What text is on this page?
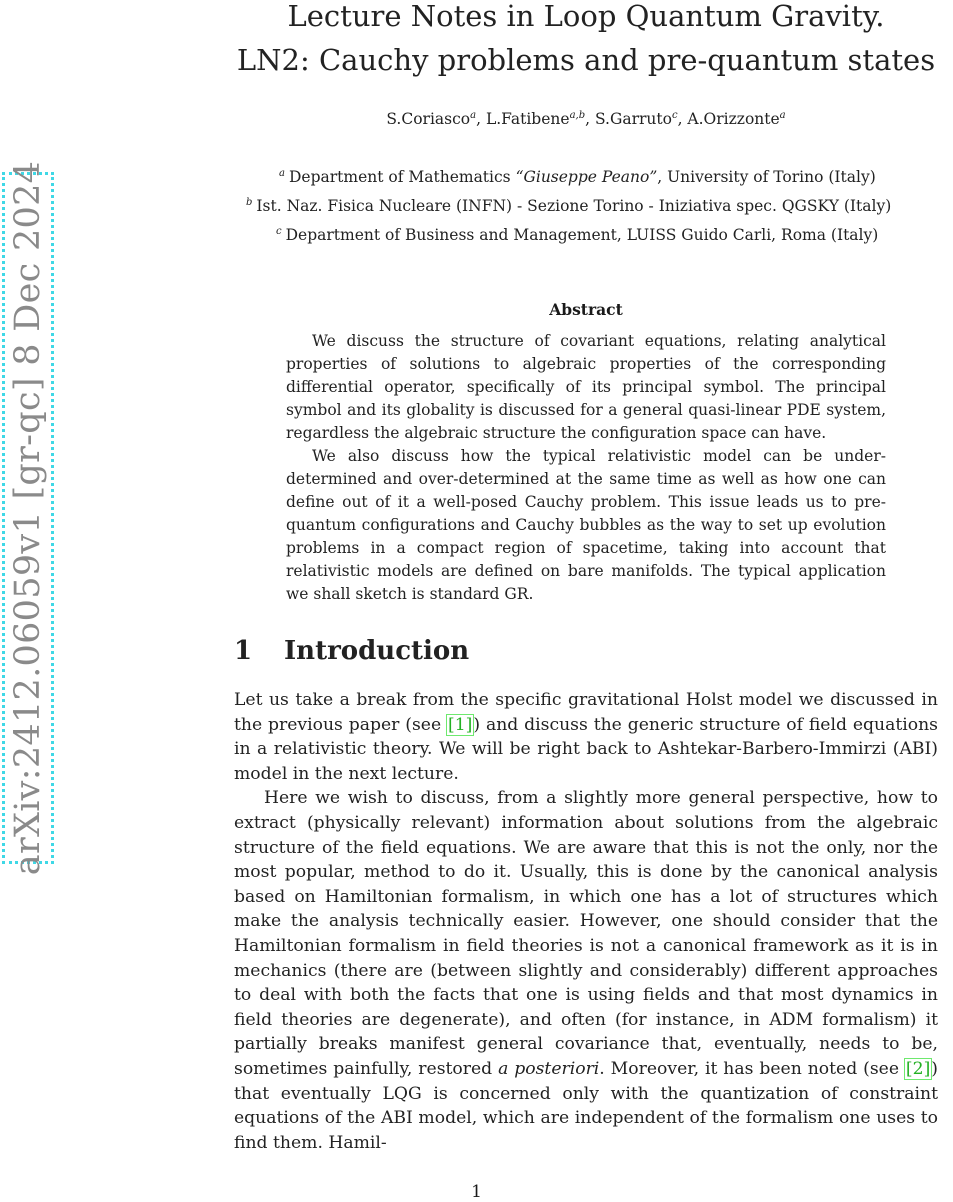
arXiv:2412.06059v1 [gr-qc] 8 Dec 2024
Lecture Notes in Loop Quantum Gravity.
LN2: Cauchy problems and pre-quantum states
S.Coriasco$^a$, L.Fatibene$^{a,b}$, S.Garruto$^c$, A.Orizzonte$^a$
$^a$ Department of Mathematics “Giuseppe Peano”, University of Torino (Italy)
$^b$ Ist. Naz. Fisica Nucleare (INFN) - Sezione Torino - Iniziativa spec. QGSKY (Italy)
$^c$ Department of Business and Management, LUISS Guido Carli, Roma (Italy)
Abstract

We discuss the structure of covariant equations, relating analytical properties of solutions to algebraic properties of the corresponding differential operator, specifically of its principal symbol. The principal symbol and its globality is discussed for a general quasi-linear PDE system, regardless the algebraic structure the configuration space can have.

We also discuss how the typical relativistic model can be under-determined and over-determined at the same time as well as how one can define out of it a well-posed Cauchy problem. This issue leads us to pre-quantum configurations and Cauchy bubbles as the way to set up evolution problems in a compact region of spacetime, taking into account that relativistic models are defined on bare manifolds. The typical application we shall sketch is standard GR.

1 Introduction

Let us take a break from the specific gravitational Holst model we discussed in the previous paper (see [1]) and discuss the generic structure of field equations in a relativistic theory. We will be right back to Ashtekar-Barbero-Immirzi (ABI) model in the next lecture.

Here we wish to discuss, from a slightly more general perspective, how to extract (physically relevant) information about solutions from the algebraic structure of the field equations. We are aware that this is not the only, nor the most popular, method to do it. Usually, this is done by the canonical analysis based on Hamiltonian formalism, in which one has a lot of structures which make the analysis technically easier. However, one should consider that the Hamiltonian formalism in field theories is not a canonical framework as it is in mechanics (there are (between slightly and considerably) different approaches to deal with both the facts that one is using fields and that most dynamics in field theories are degenerate), and often (for instance, in ADM formalism) it partially breaks manifest general covariance that, eventually, needs to be, sometimes painfully, restored a posteriori. Moreover, it has been noted (see [2]) that eventually LQG is concerned only with the quantization of constraint equations of the ABI model, which are independent of the formalism one uses to find them. Hamil-

1
